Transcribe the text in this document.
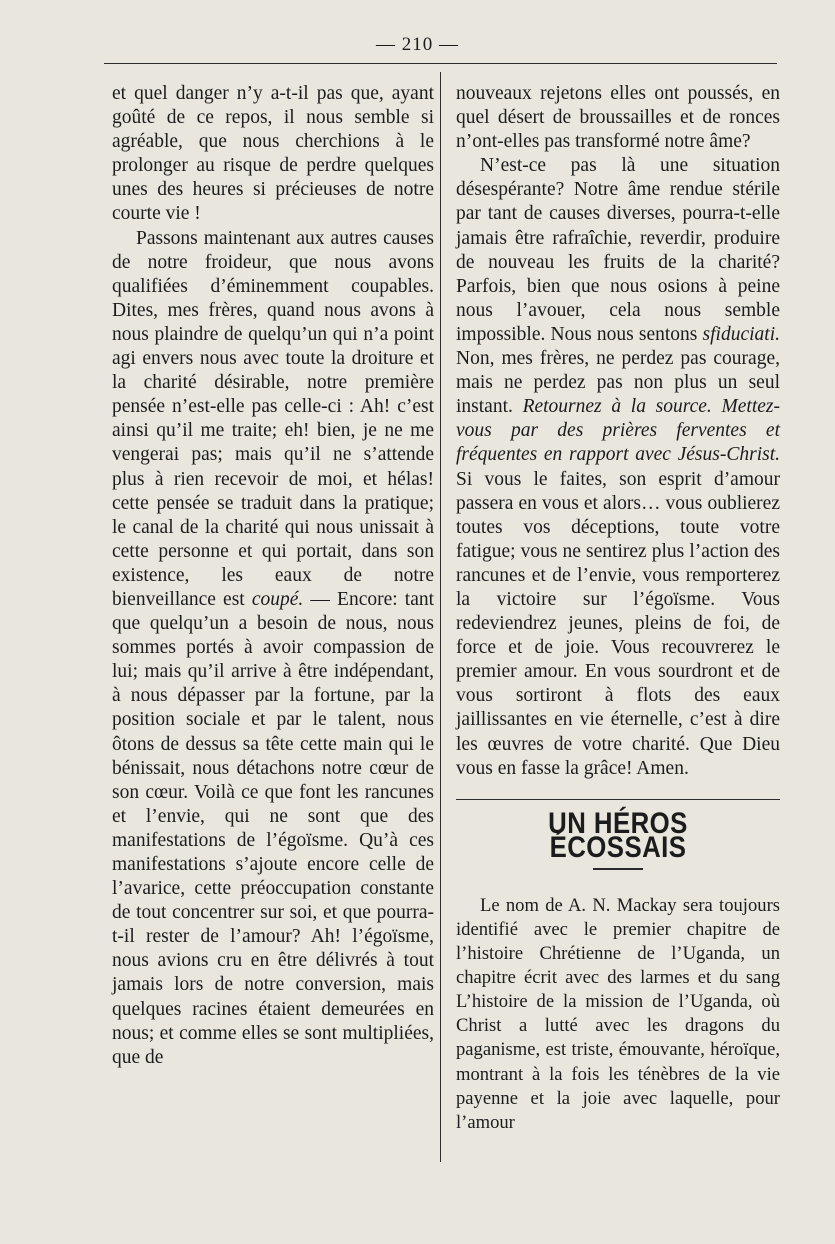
— 210 —

et quel danger n’y a-t-il pas que, ayant goûté de ce repos, il nous semble si agréable, que nous cherchions à le prolonger au risque de perdre quelques unes des heures si précieuses de notre courte vie !

Passons maintenant aux autres causes de notre froideur, que nous avons qualifiées d’éminemment coupables. Dites, mes frères, quand nous avons à nous plaindre de quelqu’un qui n’a point agi envers nous avec toute la droiture et la charité désirable, notre première pensée n’est-elle pas celle-ci : Ah! c’est ainsi qu’il me traite; eh! bien, je ne me vengerai pas; mais qu’il ne s’attende plus à rien recevoir de moi, et hélas! cette pensée se traduit dans la pratique; le canal de la charité qui nous unissait à cette personne et qui portait, dans son existence, les eaux de notre bienveillance est coupé. — Encore: tant que quelqu’un a besoin de nous, nous sommes portés à avoir compassion de lui; mais qu’il arrive à être indépendant, à nous dépasser par la fortune, par la position sociale et par le talent, nous ôtons de dessus sa tête cette main qui le bénissait, nous détachons notre cœur de son cœur. Voilà ce que font les rancunes et l’envie, qui ne sont que des manifestations de l’égoïsme. Qu’à ces manifestations s’ajoute encore celle de l’avarice, cette préoccupation constante de tout concentrer sur soi, et que pourra-t-il rester de l’amour? Ah! l’égoïsme, nous avions cru en être délivrés à tout jamais lors de notre conversion, mais quelques racines étaient demeurées en nous; et comme elles se sont multipliées, que de

nouveaux rejetons elles ont poussés, en quel désert de broussailles et de ronces n’ont-elles pas transformé notre âme?

N’est-ce pas là une situation désespérante? Notre âme rendue stérile par tant de causes diverses, pourra-t-elle jamais être rafraîchie, reverdir, produire de nouveau les fruits de la charité? Parfois, bien que nous osions à peine nous l’avouer, cela nous semble impossible. Nous nous sentons sfiduciati. Non, mes frères, ne perdez pas courage, mais ne perdez pas non plus un seul instant. Retournez à la source. Mettez-vous par des prières ferventes et fréquentes en rapport avec Jésus-Christ. Si vous le faites, son esprit d’amour passera en vous et alors… vous oublierez toutes vos déceptions, toute votre fatigue; vous ne sentirez plus l’action des rancunes et de l’envie, vous remporterez la victoire sur l’égoïsme. Vous redeviendrez jeunes, pleins de foi, de force et de joie. Vous recouvrerez le premier amour. En vous sourdront et de vous sortiront à flots des eaux jaillissantes en vie éternelle, c’est à dire les œuvres de votre charité. Que Dieu vous en fasse la grâce! Amen.

UN HÉROS ÉCOSSAIS

Le nom de A. N. Mackay sera toujours identifié avec le premier chapitre de l’histoire Chrétienne de l’Uganda, un chapitre écrit avec des larmes et du sang L’histoire de la mission de l’Uganda, où Christ a lutté avec les dragons du paganisme, est triste, émouvante, héroïque, montrant à la fois les ténèbres de la vie payenne et la joie avec laquelle, pour l’amour
